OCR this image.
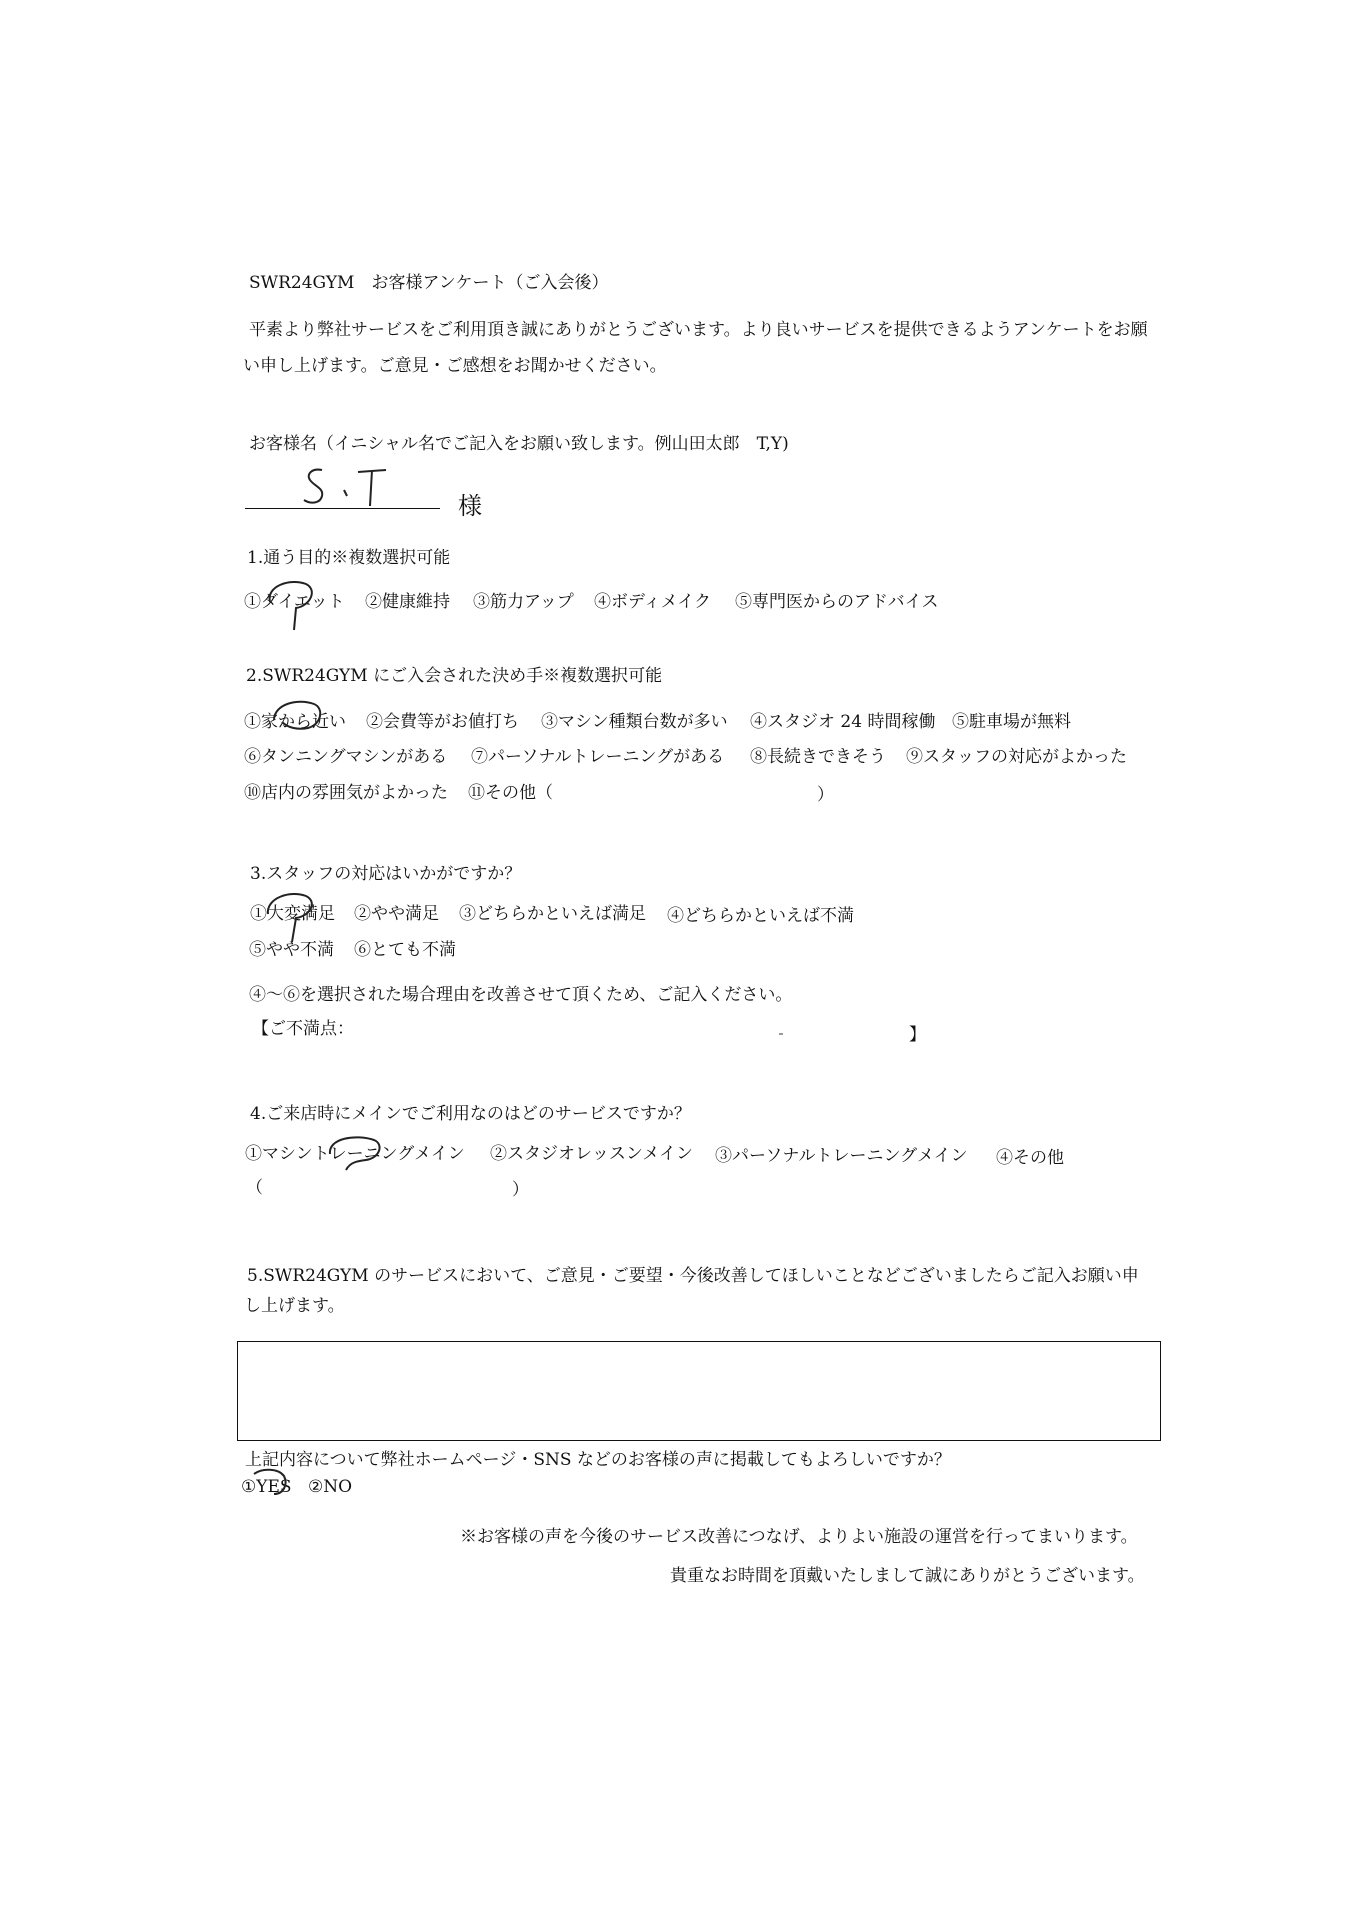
SWR24GYM　お客様アンケート（ご入会後）
平素より弊社サービスをご利用頂き誠にありがとうございます。より良いサービスを提供できるようアンケートをお願
い申し上げます。ご意見・ご感想をお聞かせください。
お客様名（イニシャル名でご記入をお願い致します。例山田太郎　T,Y)
様
1.通う目的※複数選択可能
①ダイエット ②健康維持 ③筋力アップ ④ボディメイク ⑤専門医からのアドバイス
2.SWR24GYM にご入会された決め手※複数選択可能
①家から近い ②会費等がお値打ち ③マシン種類台数が多い ④スタジオ 24 時間稼働 ⑤駐車場が無料
⑥タンニングマシンがある ⑦パーソナルトレーニングがある ⑧長続きできそう ⑨スタッフの対応がよかった
⑩店内の雰囲気がよかった ⑪その他（	）
3.スタッフの対応はいかがですか？
①大変満足 ②やや満足 ③どちらかといえば満足 ④どちらかといえば不満
⑤やや不満 ⑥とても不満
④～⑥を選択された場合理由を改善させて頂くため、ご記入ください。
【ご不満点：	】
4.ご来店時にメインでご利用なのはどのサービスですか？
①マシントレーニングメイン ②スタジオレッスンメイン ③パーソナルトレーニングメイン ④その他
（	）
5.SWR24GYM のサービスにおいて、ご意見・ご要望・今後改善してほしいことなどございましたらご記入お願い申
し上げます。
上記内容について弊社ホームページ・SNS などのお客様の声に掲載してもよろしいですか？
①YES ②NO
※お客様の声を今後のサービス改善につなげ、よりよい施設の運営を行ってまいります。
貴重なお時間を頂戴いたしまして誠にありがとうございます。
